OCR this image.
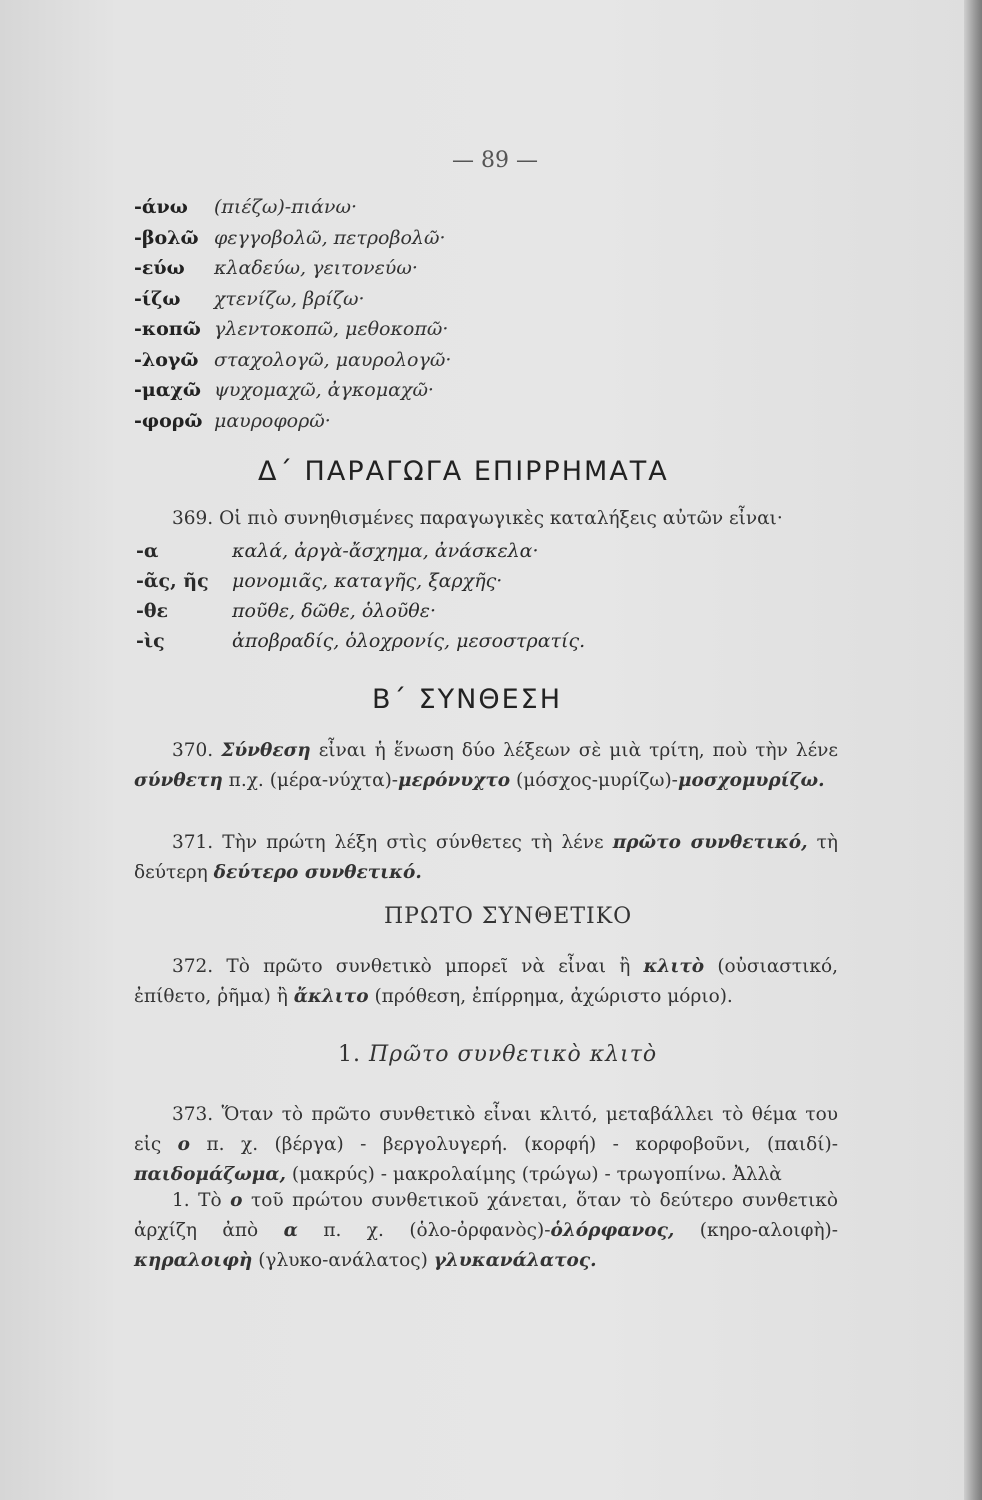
— 89 —
-άνω (πιέζω)-πιάνω·
-βολῶ φεγγοβολῶ, πετροβολῶ·
-εύω κλαδεύω, γειτονεύω·
-ίζω χτενίζω, βρίζω·
-κοπῶ γλεντοκοπῶ, μεθοκοπῶ·
-λογῶ σταχολογῶ, μαυρολογῶ·
-μαχῶ ψυχομαχῶ, ἀγκομαχῶ·
-φορῶ μαυροφορῶ·
Δ΄ ΠΑΡΑΓΩΓΑ ΕΠΙΡΡΗΜΑΤΑ
369. Οἱ πιὸ συνηθισμένες παραγωγικὲς καταλήξεις αὐτῶν εἶναι·
-α	καλά, ἀργὰ-ἄσχημα, ἀνάσκελα·
-ᾶς, ῆς μονομιᾶς, καταγῆς, ξαρχῆς·
-θε	ποῦθε, δῶθε, ὁλοῦθε·
-ὶς	ἀποβραδίς, ὁλοχρονίς, μεσοστρατίς.
Β΄ ΣΥΝΘΕΣΗ
370. Σύνθεση εἶναι ἡ ἕνωση δύο λέξεων σὲ μιὰ τρίτη, ποὺ τὴν λένε σύνθετη π.χ. (μέρα-νύχτα)-μερόνυχτο (μόσχος-μυρίζω)-μοσχομυρίζω.
371. Τὴν πρώτη λέξη στὶς σύνθετες τὴ λένε πρῶτο συνθετικό, τὴ δεύτερη δεύτερο συνθετικό.
ΠΡΩΤΟ ΣΥΝΘΕΤΙΚΟ
372. Τὸ πρῶτο συνθετικὸ μπορεῖ νὰ εἶναι ἢ κλιτὸ (οὐσιαστικό, ἐπίθετο, ῥῆμα) ἢ ἄκλιτο (πρόθεση, ἐπίρρημα, ἀχώριστο μόριο).
1. Πρῶτο συνθετικὸ κλιτὸ
373. Ὅταν τὸ πρῶτο συνθετικὸ εἶναι κλιτό, μεταβάλλει τὸ θέμα του εἰς ο π. χ. (βέργα) - βεργολυγερή. (κορφή) - κορφοβοῦνι, (παιδί)-παιδομάζωμα, (μακρύς) - μακρολαίμης (τρώγω) - τρωγοπίνω. Ἀλλὰ
1. Τὸ ο τοῦ πρώτου συνθετικοῦ χάνεται, ὅταν τὸ δεύτερο συνθετικὸ ἀρχίζη ἀπὸ α π. χ. (ὁλο-ὀρφανὸς)-ὁλόρφανος, (κηρο-αλοιφὴ)-κηραλοιφὴ (γλυκο-ανάλατος) γλυκανάλατος.
